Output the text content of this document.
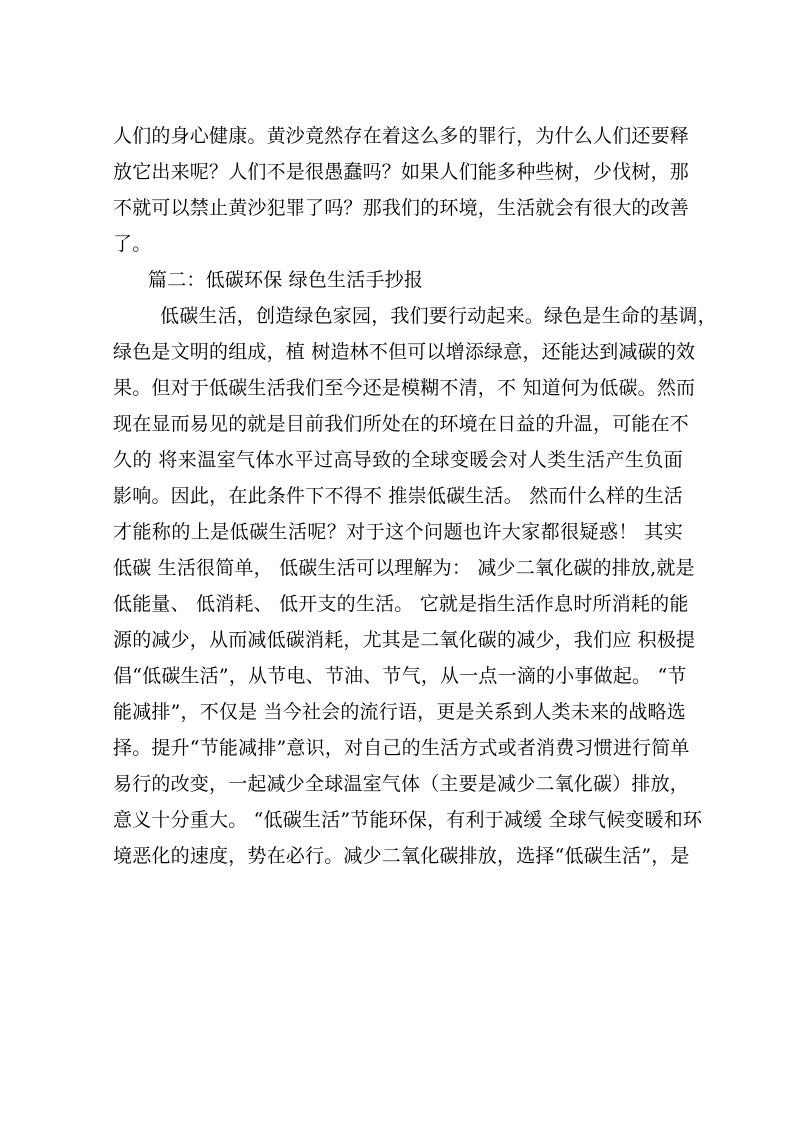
人们的身心健康。黄沙竟然存在着这么多的罪行，为什么人们还要释
放它出来呢？人们不是很愚蠢吗？如果人们能多种些树，少伐树，那
不就可以禁止黄沙犯罪了吗？那我们的环境，生活就会有很大的改善
了。
篇二：低碳环保 绿色生活手抄报
低碳生活，创造绿色家园，我们要行动起来。绿色是生命的基调，
绿色是文明的组成，植 树造林不但可以增添绿意，还能达到减碳的效
果。但对于低碳生活我们至今还是模糊不清，不 知道何为低碳。然而
现在显而易见的就是目前我们所处在的环境在日益的升温，可能在不
久的 将来温室气体水平过高导致的全球变暖会对人类生活产生负面
影响。因此，在此条件下不得不 推崇低碳生活。 然而什么样的生活
才能称的上是低碳生活呢？对于这个问题也许大家都很疑惑！ 其实
低碳 生活很简单， 低碳生活可以理解为： 减少二氧化碳的排放,就是
低能量、 低消耗、 低开支的生活。 它就是指生活作息时所消耗的能
源的减少，从而减低碳消耗，尤其是二氧化碳的减少，我们应 积极提
倡“低碳生活”，从节电、节油、节气，从一点一滴的小事做起。 “节
能减排”，不仅是 当今社会的流行语，更是关系到人类未来的战略选
择。提升“节能减排”意识，对自己的生活方式或者消费习惯进行简单
易行的改变，一起减少全球温室气体（主要是减少二氧化碳）排放，
意义十分重大。 “低碳生活”节能环保，有利于减缓 全球气候变暖和环
境恶化的速度，势在必行。减少二氧化碳排放，选择“低碳生活”，是
